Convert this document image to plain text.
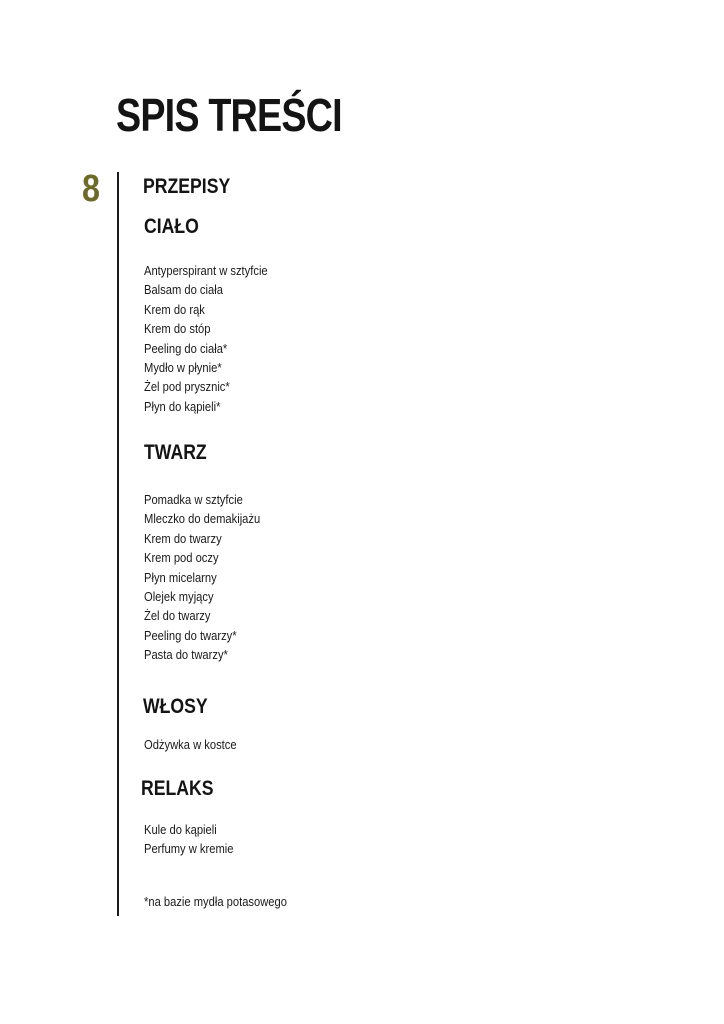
SPIS TREŚCI
8 PRZEPISY
CIAŁO
Antyperspirant w sztyfcie
Balsam do ciała
Krem do rąk
Krem do stóp
Peeling do ciała*
Mydło w płynie*
Żel pod prysznic*
Płyn do kąpieli*
TWARZ
Pomadka w sztyfcie
Mleczko do demakijażu
Krem do twarzy
Krem pod oczy
Płyn micelarny
Olejek myjący
Żel do twarzy
Peeling do twarzy*
Pasta do twarzy*
WŁOSY
Odżywka w kostce
RELAKS
Kule do kąpieli
Perfumy w kremie
*na bazie mydła potasowego
